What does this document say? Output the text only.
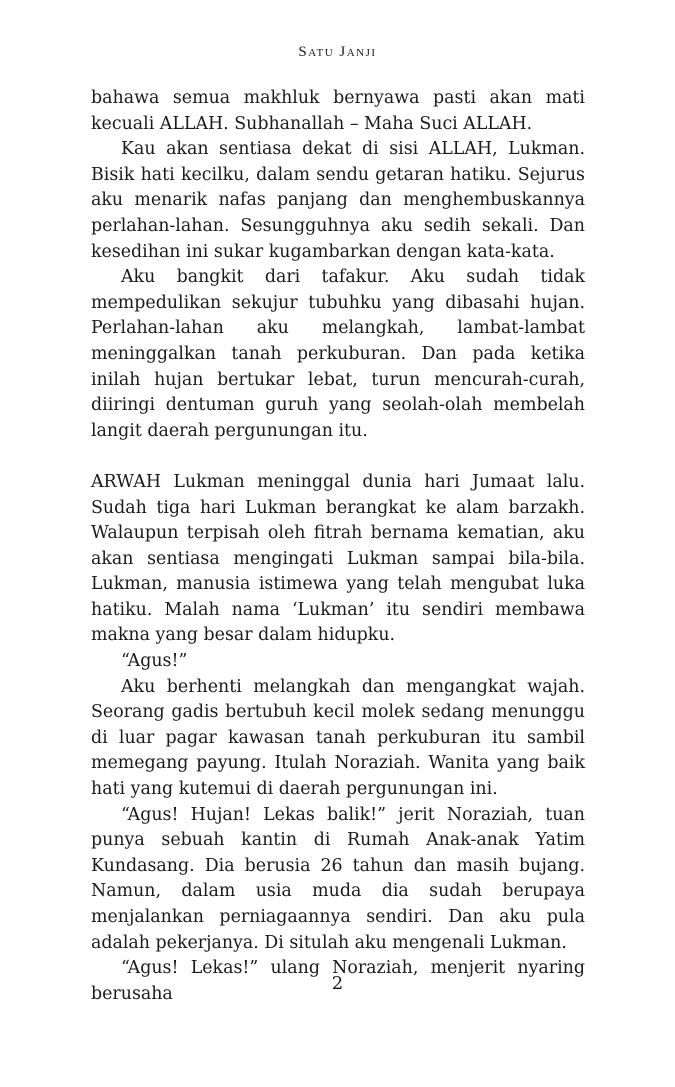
Satu Janji

bahawa semua makhluk bernyawa pasti akan mati kecuali ALLAH. Subhanallah – Maha Suci ALLAH.

Kau akan sentiasa dekat di sisi ALLAH, Lukman. Bisik hati kecilku, dalam sendu getaran hatiku. Sejurus aku menarik nafas panjang dan menghembuskannya perlahan-lahan. Sesungguhnya aku sedih sekali. Dan kesedihan ini sukar kugambarkan dengan kata-kata.

Aku bangkit dari tafakur. Aku sudah tidak mempedulikan sekujur tubuhku yang dibasahi hujan. Perlahan-lahan aku melangkah, lambat-lambat meninggalkan tanah perkuburan. Dan pada ketika inilah hujan bertukar lebat, turun mencurah-curah, diiringi dentuman guruh yang seolah-olah membelah langit daerah pergunungan itu.

ARWAH Lukman meninggal dunia hari Jumaat lalu. Sudah tiga hari Lukman berangkat ke alam barzakh. Walaupun terpisah oleh fitrah bernama kematian, aku akan sentiasa mengingati Lukman sampai bila-bila. Lukman, manusia istimewa yang telah mengubat luka hatiku. Malah nama ‘Lukman’ itu sendiri membawa makna yang besar dalam hidupku.

“Agus!”

Aku berhenti melangkah dan mengangkat wajah. Seorang gadis bertubuh kecil molek sedang menunggu di luar pagar kawasan tanah perkuburan itu sambil memegang payung. Itulah Noraziah. Wanita yang baik hati yang kutemui di daerah pergunungan ini.

“Agus! Hujan! Lekas balik!” jerit Noraziah, tuan punya sebuah kantin di Rumah Anak-anak Yatim Kundasang. Dia berusia 26 tahun dan masih bujang. Namun, dalam usia muda dia sudah berupaya menjalankan perniagaannya sendiri. Dan aku pula adalah pekerjanya. Di situlah aku mengenali Lukman.

“Agus! Lekas!” ulang Noraziah, menjerit nyaring berusaha	2
